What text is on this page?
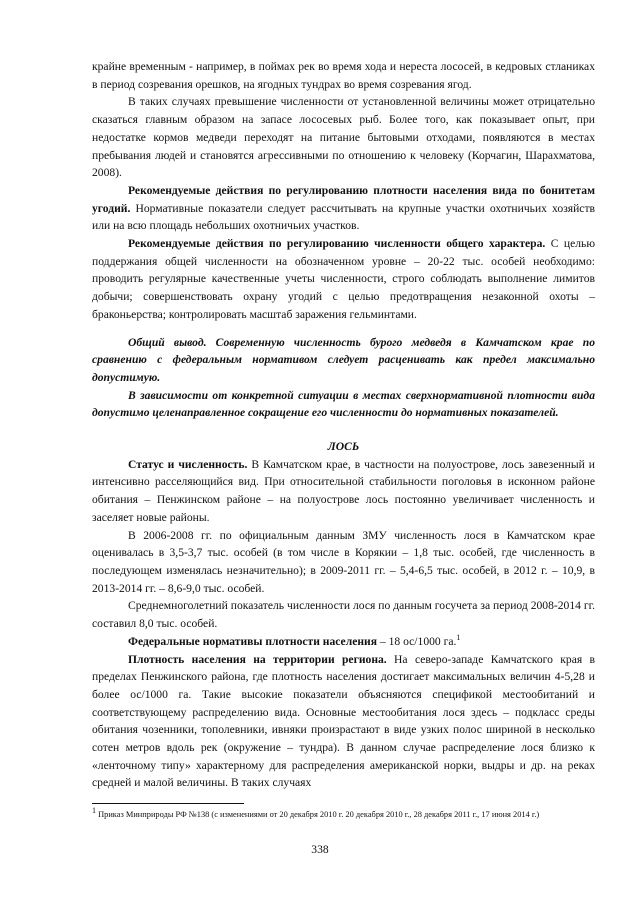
крайне временным - например, в поймах рек во время хода и нереста лососей, в кедровых стланиках в период созревания орешков, на ягодных тундрах во время созревания ягод.

В таких случаях превышение численности от установленной величины может отрицательно сказаться главным образом на запасе лососевых рыб. Более того, как показывает опыт, при недостатке кормов медведи переходят на питание бытовыми отходами, появляются в местах пребывания людей и становятся агрессивными по отношению к человеку (Корчагин, Шарахматова, 2008).

Рекомендуемые действия по регулированию плотности населения вида по бонитетам угодий. Нормативные показатели следует рассчитывать на крупные участки охотничьих хозяйств или на всю площадь небольших охотничьих участков.

Рекомендуемые действия по регулированию численности общего характера. С целью поддержания общей численности на обозначенном уровне – 20-22 тыс. особей необходимо: проводить регулярные качественные учеты численности, строго соблюдать выполнение лимитов добычи; совершенствовать охрану угодий с целью предотвращения незаконной охоты – браконьерства; контролировать масштаб заражения гельминтами.

Общий вывод. Современную численность бурого медведя в Камчатском крае по сравнению с федеральным нормативом следует расценивать как предел максимально допустимую.

В зависимости от конкретной ситуации в местах сверхнормативной плотности вида допустимо целенаправленное сокращение его численности до нормативных показателей.

ЛОСЬ

Статус и численность. В Камчатском крае, в частности на полуострове, лось завезенный и интенсивно расселяющийся вид. При относительной стабильности поголовья в исконном районе обитания – Пенжинском районе – на полуострове лось постоянно увеличивает численность и заселяет новые районы.

В 2006-2008 гг. по официальным данным ЗМУ численность лося в Камчатском крае оценивалась в 3,5-3,7 тыс. особей (в том числе в Корякии – 1,8 тыс. особей, где численность в последующем изменялась незначительно); в 2009-2011 гг. – 5,4-6,5 тыс. особей, в 2012 г. – 10,9, в 2013-2014 гг. – 8,6-9,0 тыс. особей.

Среднемноголетний показатель численности лося по данным госучета за период 2008-2014 гг. составил 8,0 тыс. особей.

Федеральные нормативы плотности населения – 18 ос/1000 га.$^1$

Плотность населения на территории региона. На северо-западе Камчатского края в пределах Пенжинского района, где плотность населения достигает максимальных величин 4-5,28 и более ос/1000 га. Такие высокие показатели объясняются спецификой местообитаний и соответствующему распределению вида. Основные местообитания лося здесь – подкласс среды обитания чозенники, тополевники, ивняки произрастают в виде узких полос шириной в несколько сотен метров вдоль рек (окружение – тундра). В данном случае распределение лося близко к «ленточному типу» характерному для распределения американской норки, выдры и др. на реках средней и малой величины. В таких случаях

$^1$ Приказ Минприроды РФ №138 (с изменениями от 20 декабря 2010 г. 20 декабря 2010 г., 28 декабря 2011 г., 17 июня 2014 г.)
338
